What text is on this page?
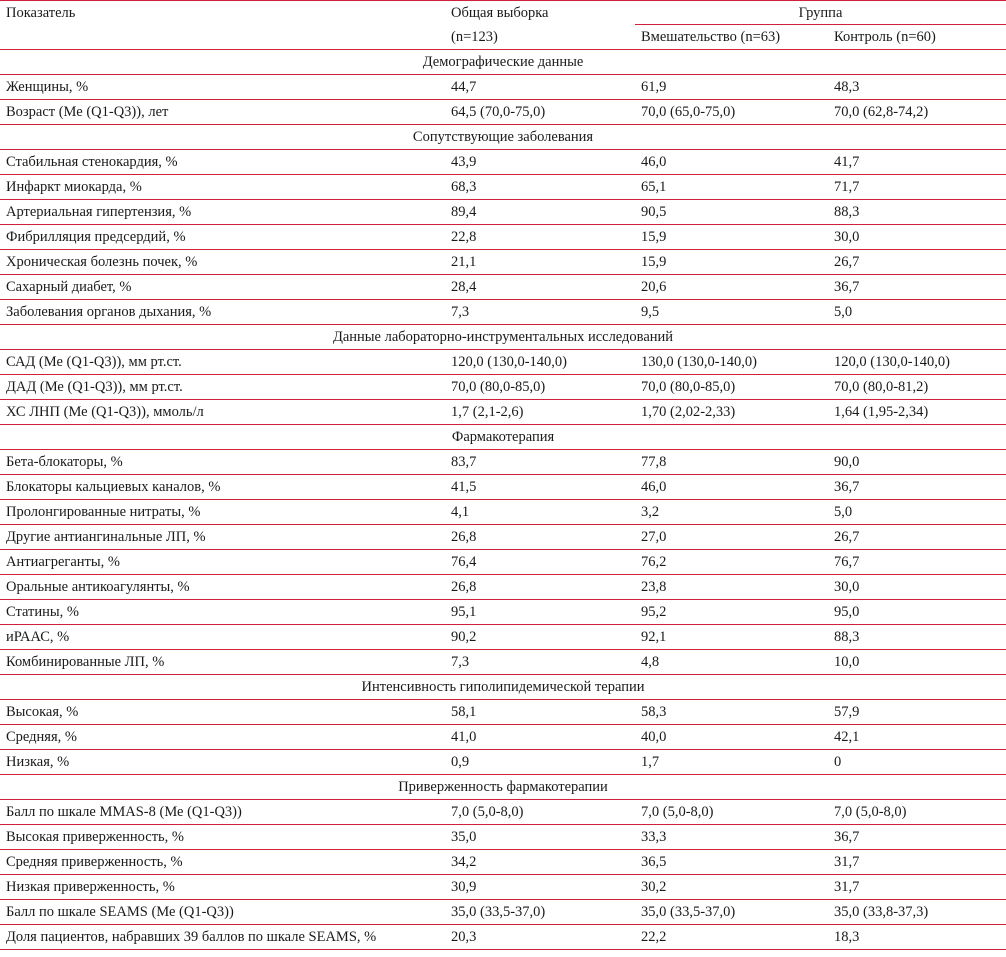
Показатель	Общая выборка	Группа	
	(n=123)	Вмешательство (n=63)	Контроль (n=60)
Демографические данные			
Женщины, %	44,7	61,9	48,3
Возраст (Ме (Q1-Q3)), лет	64,5 (70,0-75,0)	70,0 (65,0-75,0)	70,0 (62,8-74,2)
Сопутствующие заболевания			
Стабильная стенокардия, %	43,9	46,0	41,7
Инфаркт миокарда, %	68,3	65,1	71,7
Артериальная гипертензия, %	89,4	90,5	88,3
Фибрилляция предсердий, %	22,8	15,9	30,0
Хроническая болезнь почек, %	21,1	15,9	26,7
Сахарный диабет, %	28,4	20,6	36,7
Заболевания органов дыхания, %	7,3	9,5	5,0
Данные лабораторно-инструментальных исследований			
САД (Ме (Q1-Q3)), мм рт.ст.	120,0 (130,0-140,0)	130,0 (130,0-140,0)	120,0 (130,0-140,0)
ДАД (Ме (Q1-Q3)), мм рт.ст.	70,0 (80,0-85,0)	70,0 (80,0-85,0)	70,0 (80,0-81,2)
ХС ЛНП (Ме (Q1-Q3)), ммоль/л	1,7 (2,1-2,6)	1,70 (2,02-2,33)	1,64 (1,95-2,34)
Фармакотерапия			
Бета-блокаторы, %	83,7	77,8	90,0
Блокаторы кальциевых каналов, %	41,5	46,0	36,7
Пролонгированные нитраты, %	4,1	3,2	5,0
Другие антиангинальные ЛП, %	26,8	27,0	26,7
Антиагреганты, %	76,4	76,2	76,7
Оральные антикоагулянты, %	26,8	23,8	30,0
Статины, %	95,1	95,2	95,0
иРААС, %	90,2	92,1	88,3
Комбинированные ЛП, %	7,3	4,8	10,0
Интенсивность гиполипидемической терапии			
Высокая, %	58,1	58,3	57,9
Средняя, %	41,0	40,0	42,1
Низкая, %	0,9	1,7	0
Приверженность фармакотерапии			
Балл по шкале MMAS-8 (Ме (Q1-Q3))	7,0 (5,0-8,0)	7,0 (5,0-8,0)	7,0 (5,0-8,0)
Высокая приверженность, %	35,0	33,3	36,7
Средняя приверженность, %	34,2	36,5	31,7
Низкая приверженность, %	30,9	30,2	31,7
Балл по шкале SEAMS (Ме (Q1-Q3))	35,0 (33,5-37,0)	35,0 (33,5-37,0)	35,0 (33,8-37,3)
Доля пациентов, набравших 39 баллов по шкале SEAMS, %	20,3	22,2	18,3
